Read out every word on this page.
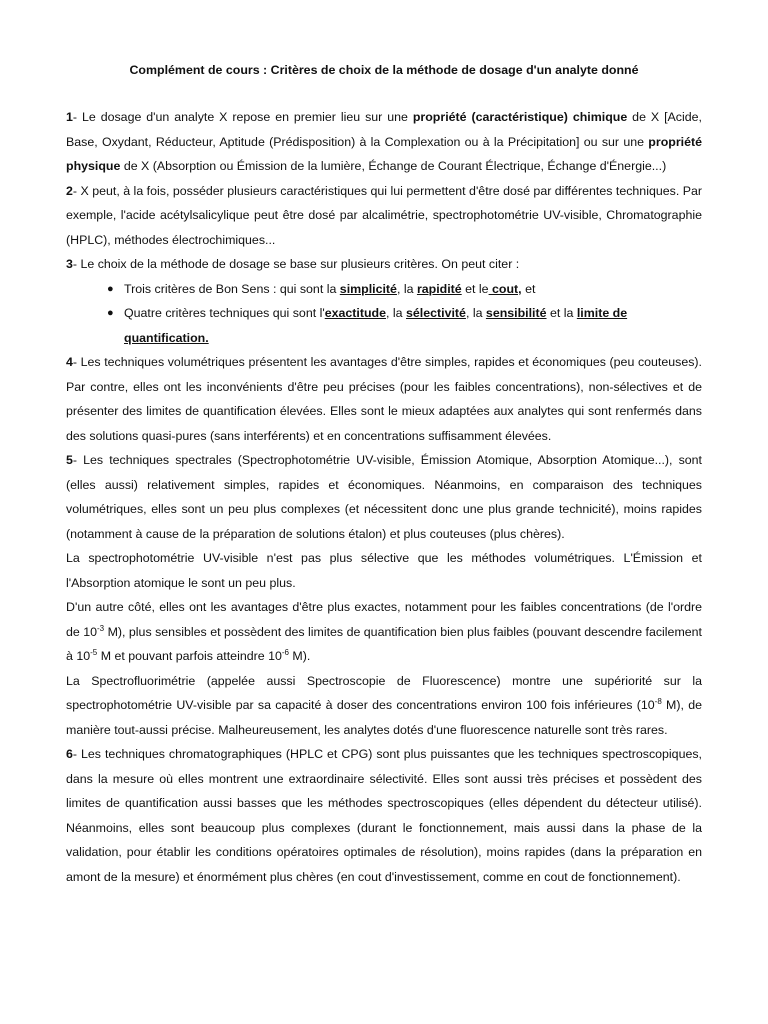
Complément de cours : Critères de choix de la méthode de dosage d'un analyte donné

1- Le dosage d'un analyte X repose en premier lieu sur une propriété (caractéristique) chimique de X [Acide, Base, Oxydant, Réducteur, Aptitude (Prédisposition) à la Complexation ou à la Précipitation] ou sur une propriété physique de X (Absorption ou Émission de la lumière, Échange de Courant Électrique, Échange d'Énergie...)

2- X peut, à la fois, posséder plusieurs caractéristiques qui lui permettent d'être dosé par différentes techniques. Par exemple, l'acide acétylsalicylique peut être dosé par alcalimétrie, spectrophotométrie UV-visible, Chromatographie (HPLC), méthodes électrochimiques...

3- Le choix de la méthode de dosage se base sur plusieurs critères. On peut citer :

● Trois critères de Bon Sens : qui sont la simplicité, la rapidité et le cout, et
● Quatre critères techniques qui sont l'exactitude, la sélectivité, la sensibilité et la limite de quantification.

4- Les techniques volumétriques présentent les avantages d'être simples, rapides et économiques (peu couteuses). Par contre, elles ont les inconvénients d'être peu précises (pour les faibles concentrations), non-sélectives et de présenter des limites de quantification élevées. Elles sont le mieux adaptées aux analytes qui sont renfermés dans des solutions quasi-pures (sans interférents) et en concentrations suffisamment élevées.

5- Les techniques spectrales (Spectrophotométrie UV-visible, Émission Atomique, Absorption Atomique...), sont (elles aussi) relativement simples, rapides et économiques. Néanmoins, en comparaison des techniques volumétriques, elles sont un peu plus complexes (et nécessitent donc une plus grande technicité), moins rapides (notamment à cause de la préparation de solutions étalon) et plus couteuses (plus chères).

La spectrophotométrie UV-visible n'est pas plus sélective que les méthodes volumétriques. L'Émission et l'Absorption atomique le sont un peu plus.

D'un autre côté, elles ont les avantages d'être plus exactes, notamment pour les faibles concentrations (de l'ordre de $10^{-3}$ M), plus sensibles et possèdent des limites de quantification bien plus faibles (pouvant descendre facilement à $10^{-5}$ M et pouvant parfois atteindre $10^{-6}$ M).

La Spectrofluorimétrie (appelée aussi Spectroscopie de Fluorescence) montre une supériorité sur la spectrophotométrie UV-visible par sa capacité à doser des concentrations environ 100 fois inférieures ($10^{-8}$ M), de manière tout-aussi précise. Malheureusement, les analytes dotés d'une fluorescence naturelle sont très rares.

6- Les techniques chromatographiques (HPLC et CPG) sont plus puissantes que les techniques spectroscopiques, dans la mesure où elles montrent une extraordinaire sélectivité. Elles sont aussi très précises et possèdent des limites de quantification aussi basses que les méthodes spectroscopiques (elles dépendent du détecteur utilisé). Néanmoins, elles sont beaucoup plus complexes (durant le fonctionnement, mais aussi dans la phase de la validation, pour établir les conditions opératoires optimales de résolution), moins rapides (dans la préparation en amont de la mesure) et énormément plus chères (en cout d'investissement, comme en cout de fonctionnement).
